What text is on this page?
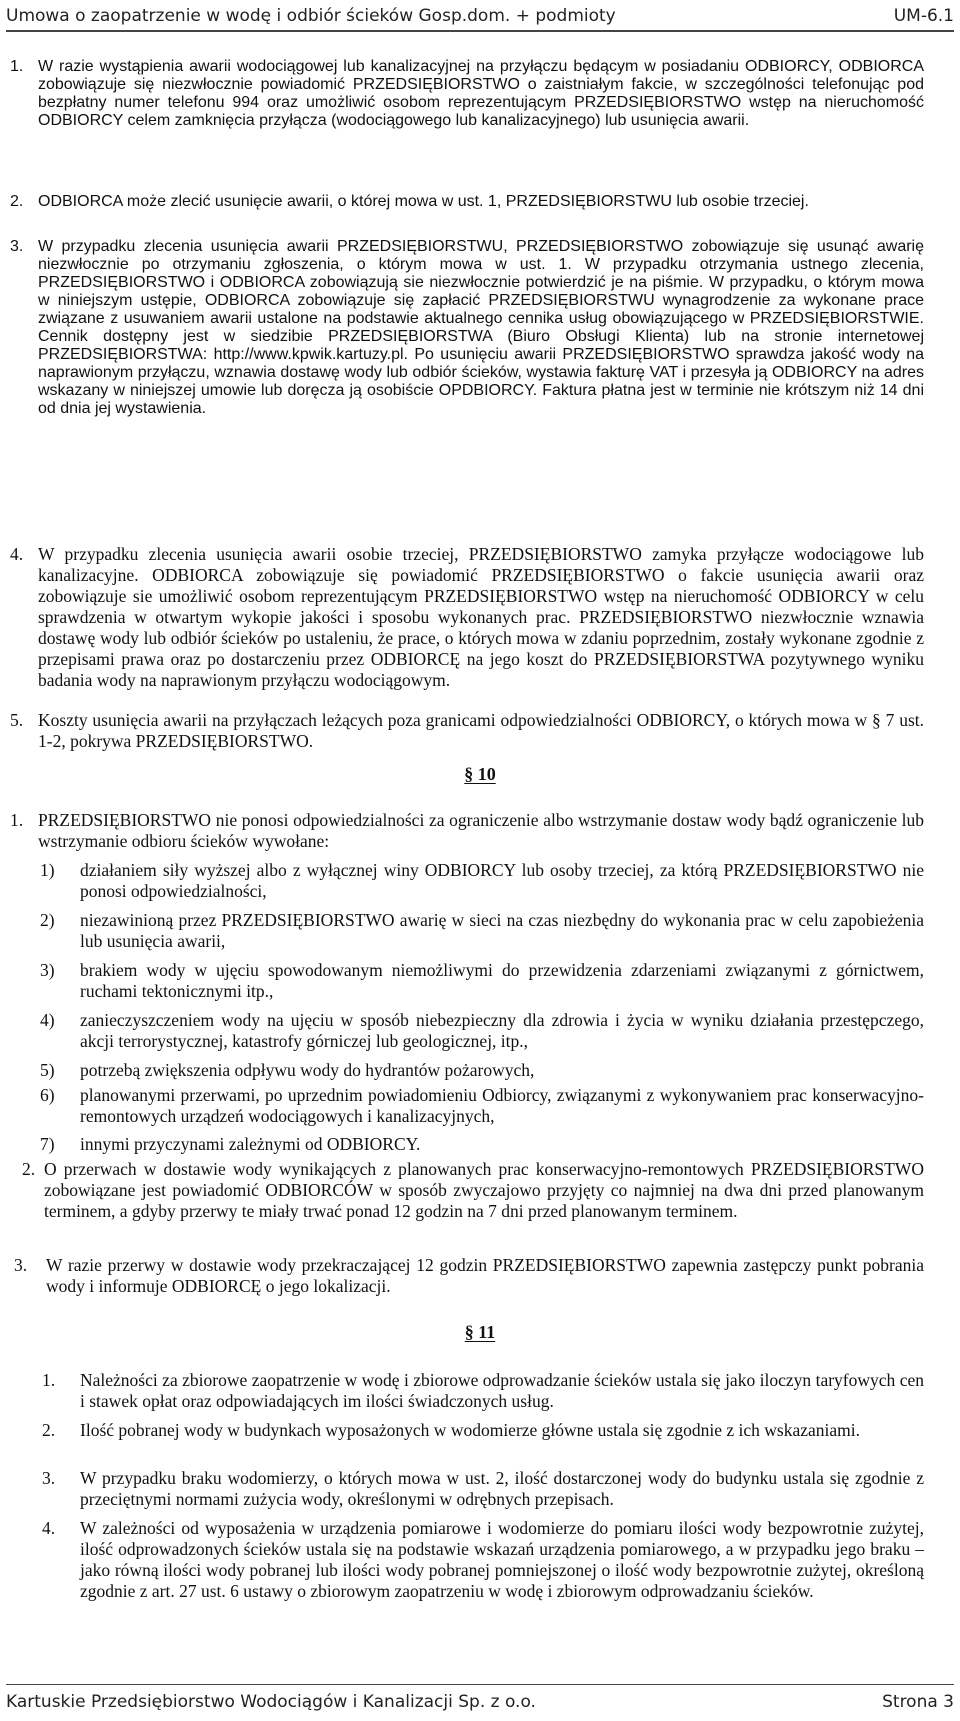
Umowa o zaopatrzenie w wodę i odbiór ścieków Gosp.dom. + podmioty	UM-6.1
1. W razie wystąpienia awarii wodociągowej lub kanalizacyjnej na przyłączu będącym w posiadaniu ODBIORCY, ODBIORCA zobowiązuje się niezwłocznie powiadomić PRZEDSIĘBIORSTWO o zaistniałym fakcie, w szczególności telefonując pod bezpłatny numer telefonu 994 oraz umożliwić osobom reprezentującym PRZEDSIĘBIORSTWO wstęp na nieruchomość ODBIORCY celem zamknięcia przyłącza (wodociągowego lub kanalizacyjnego) lub usunięcia awarii.
2. ODBIORCA może zlecić usunięcie awarii, o której mowa w ust. 1, PRZEDSIĘBIORSTWU lub osobie trzeciej.
3. W przypadku zlecenia usunięcia awarii PRZEDSIĘBIORSTWU, PRZEDSIĘBIORSTWO zobowiązuje się usunąć awarię niezwłocznie po otrzymaniu zgłoszenia, o którym mowa w ust. 1. W przypadku otrzymania ustnego zlecenia, PRZEDSIĘBIORSTWO i ODBIORCA zobowiązują sie niezwłocznie potwierdzić je na piśmie. W przypadku, o którym mowa w niniejszym ustępie, ODBIORCA zobowiązuje się zapłacić PRZEDSIĘBIORSTWU wynagrodzenie za wykonane prace związane z usuwaniem awarii ustalone na podstawie aktualnego cennika usług obowiązującego w PRZEDSIĘBIORSTWIE. Cennik dostępny jest w siedzibie PRZEDSIĘBIORSTWA (Biuro Obsługi Klienta) lub na stronie internetowej PRZEDSIĘBIORSTWA: http://www.kpwik.kartuzy.pl. Po usunięciu awarii PRZEDSIĘBIORSTWO sprawdza jakość wody na naprawionym przyłączu, wznawia dostawę wody lub odbiór ścieków, wystawia fakturę VAT i przesyła ją ODBIORCY na adres wskazany w niniejszej umowie lub doręcza ją osobiście OPDBIORCY. Faktura płatna jest w terminie nie krótszym niż 14 dni od dnia jej wystawienia.
4. W przypadku zlecenia usunięcia awarii osobie trzeciej, PRZEDSIĘBIORSTWO zamyka przyłącze wodociągowe lub kanalizacyjne. ODBIORCA zobowiązuje się powiadomić PRZEDSIĘBIORSTWO o fakcie usunięcia awarii oraz zobowiązuje sie umożliwić osobom reprezentującym PRZEDSIĘBIORSTWO wstęp na nieruchomość ODBIORCY w celu sprawdzenia w otwartym wykopie jakości i sposobu wykonanych prac. PRZEDSIĘBIORSTWO niezwłocznie wznawia dostawę wody lub odbiór ścieków po ustaleniu, że prace, o których mowa w zdaniu poprzednim, zostały wykonane zgodnie z przepisami prawa oraz po dostarczeniu przez ODBIORCĘ na jego koszt do PRZEDSIĘBIORSTWA pozytywnego wyniku badania wody na naprawionym przyłączu wodociągowym.
5. Koszty usunięcia awarii na przyłączach leżących poza granicami odpowiedzialności ODBIORCY, o których mowa w § 7 ust. 1-2, pokrywa PRZEDSIĘBIORSTWO.
§ 10
1. PRZEDSIĘBIORSTWO nie ponosi odpowiedzialności za ograniczenie albo wstrzymanie dostaw wody bądź ograniczenie lub wstrzymanie odbioru ścieków wywołane:
1) działaniem siły wyższej albo z wyłącznej winy ODBIORCY lub osoby trzeciej, za którą PRZEDSIĘBIORSTWO nie ponosi odpowiedzialności,
2) niezawinioną przez PRZEDSIĘBIORSTWO awarię w sieci na czas niezbędny do wykonania prac w celu zapobieżenia lub usunięcia awarii,
3) brakiem wody w ujęciu spowodowanym niemożliwymi do przewidzenia zdarzeniami związanymi z górnictwem, ruchami tektonicznymi itp.,
4) zanieczyszczeniem wody na ujęciu w sposób niebezpieczny dla zdrowia i życia w wyniku działania przestępczego, akcji terrorystycznej, katastrofy górniczej lub geologicznej, itp.,
5) potrzebą zwiększenia odpływu wody do hydrantów pożarowych,
6) planowanymi przerwami, po uprzednim powiadomieniu Odbiorcy, związanymi z wykonywaniem prac konserwacyjno-remontowych urządzeń wodociągowych i kanalizacyjnych,
7) innymi przyczynami zależnymi od ODBIORCY.
2. O przerwach w dostawie wody wynikających z planowanych prac konserwacyjno-remontowych PRZEDSIĘBIORSTWO zobowiązane jest powiadomić ODBIORCÓW w sposób zwyczajowo przyjęty co najmniej na dwa dni przed planowanym terminem, a gdyby przerwy te miały trwać ponad 12 godzin na 7 dni przed planowanym terminem.
3. W razie przerwy w dostawie wody przekraczającej 12 godzin PRZEDSIĘBIORSTWO zapewnia zastępczy punkt pobrania wody i informuje ODBIORCĘ o jego lokalizacji.
§ 11
1. Należności za zbiorowe zaopatrzenie w wodę i zbiorowe odprowadzanie ścieków ustala się jako iloczyn taryfowych cen i stawek opłat oraz odpowiadających im ilości świadczonych usług.
2. Ilość pobranej wody w budynkach wyposażonych w wodomierze główne ustala się zgodnie z ich wskazaniami.
3. W przypadku braku wodomierzy, o których mowa w ust. 2, ilość dostarczonej wody do budynku ustala się zgodnie z przeciętnymi normami zużycia wody, określonymi w odrębnych przepisach.
4. W zależności od wyposażenia w urządzenia pomiarowe i wodomierze do pomiaru ilości wody bezpowrotnie zużytej, ilość odprowadzonych ścieków ustala się na podstawie wskazań urządzenia pomiarowego, a w przypadku jego braku – jako równą ilości wody pobranej lub ilości wody pobranej pomniejszonej o ilość wody bezpowrotnie zużytej, określoną zgodnie z art. 27 ust. 6 ustawy o zbiorowym zaopatrzeniu w wodę i zbiorowym odprowadzaniu ścieków.
Kartuskie Przedsiębiorstwo Wodociągów i Kanalizacji Sp. z o.o.	Strona 3
